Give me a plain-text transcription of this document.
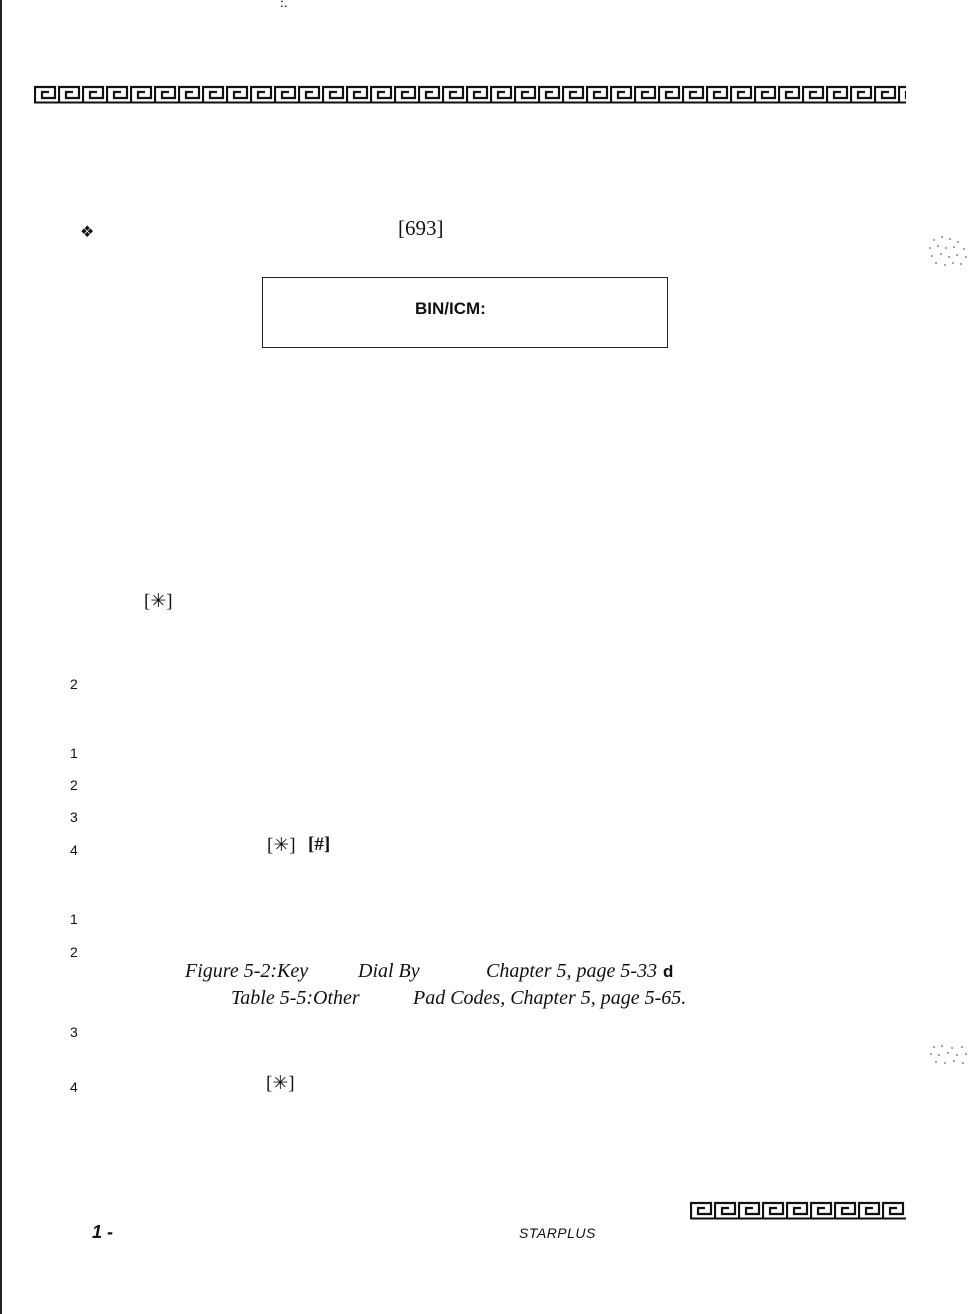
:.
❖	[693]
BIN/ICM:
[✳]
2
1
2
3
4	[✳] [#]
1
2
Figure 5-2:Key Dial By	Chapter 5, page 5-33 d
Table 5-5:Other	Pad Codes, Chapter 5, page 5-65.
3
4	[✳]
1 -	STARPLUS
